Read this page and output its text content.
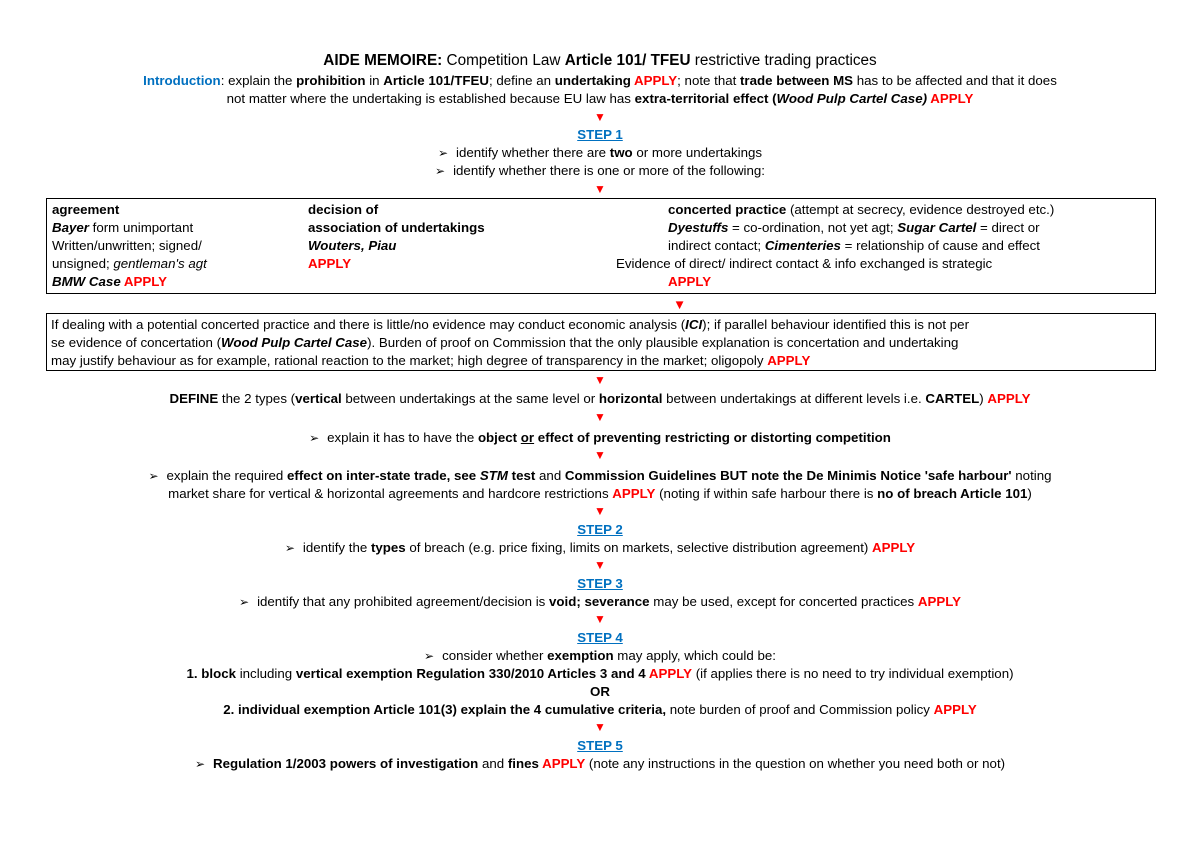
AIDE MEMOIRE: Competition Law Article 101/ TFEU restrictive trading practices
Introduction: explain the prohibition in Article 101/TFEU; define an undertaking APPLY; note that trade between MS has to be affected and that it does
not matter where the undertaking is established because EU law has extra-territorial effect (Wood Pulp Cartel Case) APPLY
▼
STEP 1
➢ identify whether there are two or more undertakings
➢ identify whether there is one or more of the following:
▼
agreement
Bayer form unimportant
Written/unwritten; signed/
unsigned; gentleman's agt
BMW Case APPLY
decision of
association of undertakings
Wouters, Piau
APPLY
concerted practice (attempt at secrecy, evidence destroyed etc.)
Dyestuffs = co-ordination, not yet agt; Sugar Cartel = direct or
indirect contact; Cimenteries = relationship of cause and effect
Evidence of direct/ indirect contact & info exchanged is strategic
APPLY
▼

If dealing with a potential concerted practice and there is little/no evidence may conduct economic analysis (ICI); if parallel behaviour identified this is not per

se evidence of concertation (Wood Pulp Cartel Case). Burden of proof on Commission that the only plausible explanation is concertation and undertaking

may justify behaviour as for example, rational reaction to the market; high degree of transparency in the market; oligopoly APPLY

▼
DEFINE the 2 types (vertical between undertakings at the same level or horizontal between undertakings at different levels i.e. CARTEL) APPLY
▼
➢ explain it has to have the object or effect of preventing restricting or distorting competition
▼
➢ explain the required effect on inter-state trade, see STM test and Commission Guidelines BUT note the De Minimis Notice 'safe harbour' noting
market share for vertical & horizontal agreements and hardcore restrictions APPLY (noting if within safe harbour there is no of breach Article 101)
▼
STEP 2
➢ identify the types of breach (e.g. price fixing, limits on markets, selective distribution agreement) APPLY
▼
STEP 3
➢ identify that any prohibited agreement/decision is void; severance may be used, except for concerted practices APPLY
▼
STEP 4
➢ consider whether exemption may apply, which could be:
1. block including vertical exemption Regulation 330/2010 Articles 3 and 4 APPLY (if applies there is no need to try individual exemption)
OR
2. individual exemption Article 101(3) explain the 4 cumulative criteria, note burden of proof and Commission policy APPLY
▼
STEP 5
➢ Regulation 1/2003 powers of investigation and fines APPLY (note any instructions in the question on whether you need both or not)
